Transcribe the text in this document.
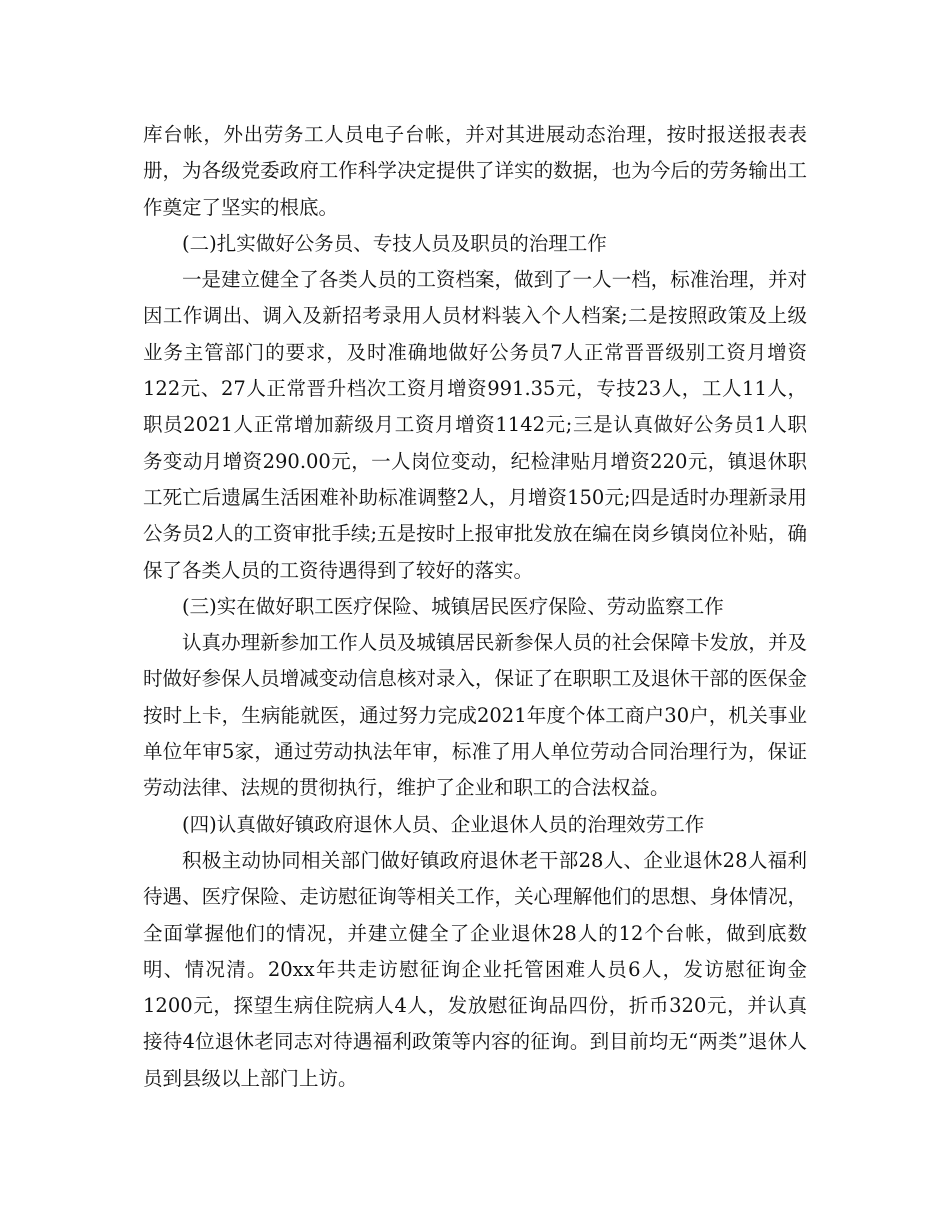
库台帐，外出劳务工人员电子台帐，并对其进展动态治理，按时报送报表表册，为各级党委政府工作科学决定提供了详实的数据，也为今后的劳务输出工作奠定了坚实的根底。

(二)扎实做好公务员、专技人员及职员的治理工作

一是建立健全了各类人员的工资档案，做到了一人一档，标准治理，并对因工作调出、调入及新招考录用人员材料装入个人档案;二是按照政策及上级业务主管部门的要求，及时准确地做好公务员7人正常晋晋级别工资月增资122元、27人正常晋升档次工资月增资991.35元，专技23人，工人11人，职员2021人正常增加薪级月工资月增资1142元;三是认真做好公务员1人职务变动月增资290.00元，一人岗位变动，纪检津贴月增资220元，镇退休职工死亡后遗属生活困难补助标准调整2人，月增资150元;四是适时办理新录用公务员2人的工资审批手续;五是按时上报审批发放在编在岗乡镇岗位补贴，确保了各类人员的工资待遇得到了较好的落实。

(三)实在做好职工医疗保险、城镇居民医疗保险、劳动监察工作

认真办理新参加工作人员及城镇居民新参保人员的社会保障卡发放，并及时做好参保人员增减变动信息核对录入，保证了在职职工及退休干部的医保金按时上卡，生病能就医，通过努力完成2021年度个体工商户30户，机关事业单位年审5家，通过劳动执法年审，标准了用人单位劳动合同治理行为，保证劳动法律、法规的贯彻执行，维护了企业和职工的合法权益。

(四)认真做好镇政府退休人员、企业退休人员的治理效劳工作

积极主动协同相关部门做好镇政府退休老干部28人、企业退休28人福利待遇、医疗保险、走访慰征询等相关工作，关心理解他们的思想、身体情况，全面掌握他们的情况，并建立健全了企业退休28人的12个台帐，做到底数明、情况清。20xx年共走访慰征询企业托管困难人员6人，发访慰征询金1200元，探望生病住院病人4人，发放慰征询品四份，折币320元，并认真接待4位退休老同志对待遇福利政策等内容的征询。到目前均无“两类”退休人员到县级以上部门上访。
